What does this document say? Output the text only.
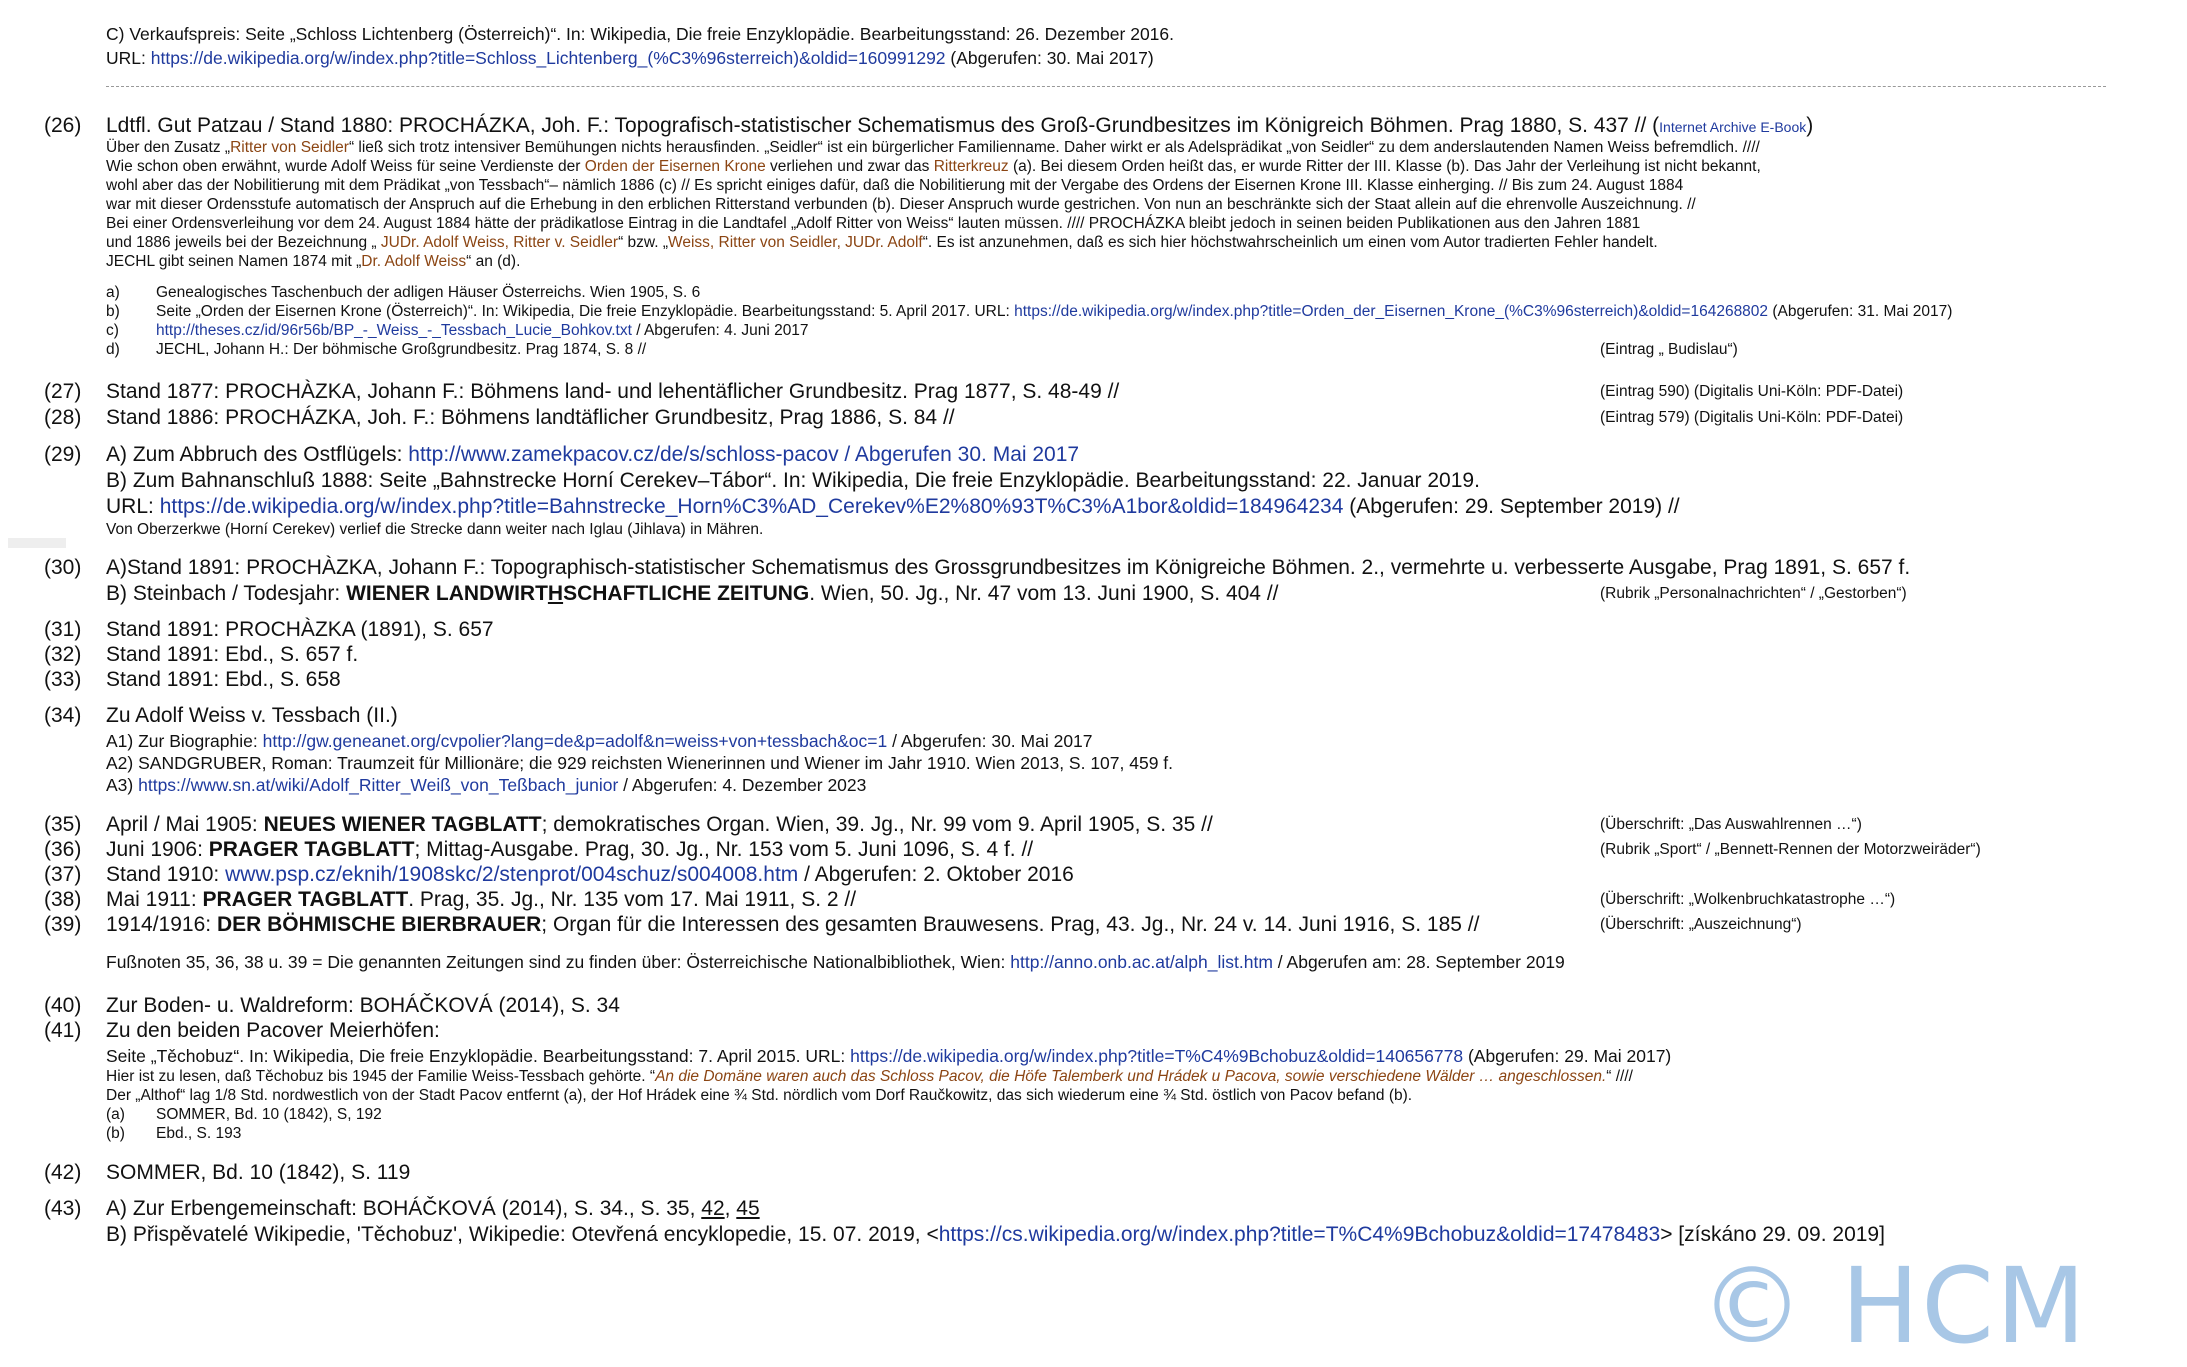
C) Verkaufspreis: Seite „Schloss Lichtenberg (Österreich)“. In: Wikipedia, Die freie Enzyklopädie. Bearbeitungsstand: 26. Dezember 2016.
URL: https://de.wikipedia.org/w/index.php?title=Schloss_Lichtenberg_(%C3%96sterreich)&oldid=160991292 (Abgerufen: 30. Mai 2017)
(26) Ldtfl. Gut Patzau / Stand 1880: PROCHÁZKA, Joh. F.: Topografisch-statistischer Schematismus des Groß-Grundbesitzes im Königreich Böhmen. Prag 1880, S. 437 // (Internet Archive E-Book)
Über den Zusatz „Ritter von Seidler“ ließ sich trotz intensiver Bemühungen nichts herausfinden. „Seidler“ ist ein bürgerlicher Familienname. Daher wirkt er als Adelsprädikat „von Seidler“ zu dem anderslautenden Namen Weiss befremdlich. ////
Wie schon oben erwähnt, wurde Adolf Weiss für seine Verdienste der Orden der Eisernen Krone verliehen und zwar das Ritterkreuz (a). Bei diesem Orden heißt das, er wurde Ritter der III. Klasse (b). Das Jahr der Verleihung ist nicht bekannt,
wohl aber das der Nobilitierung mit dem Prädikat „von Tessbach“– nämlich 1886 (c) // Es spricht einiges dafür, daß die Nobilitierung mit der Vergabe des Ordens der Eisernen Krone III. Klasse einherging. // Bis zum 24. August 1884
war mit dieser Ordensstufe automatisch der Anspruch auf die Erhebung in den erblichen Ritterstand verbunden (b). Dieser Anspruch wurde gestrichen. Von nun an beschränkte sich der Staat allein auf die ehrenvolle Auszeichnung. //
Bei einer Ordensverleihung vor dem 24. August 1884 hätte der prädikatlose Eintrag in die Landtafel „Adolf Ritter von Weiss“ lauten müssen. //// PROCHÁZKA bleibt jedoch in seinen beiden Publikationen aus den Jahren 1881
und 1886 jeweils bei der Bezeichnung „ JUDr. Adolf Weiss, Ritter v. Seidler“ bzw. „Weiss, Ritter von Seidler, JUDr. Adolf“. Es ist anzunehmen, daß es sich hier höchstwahrscheinlich um einen vom Autor tradierten Fehler handelt.
JECHL gibt seinen Namen 1874 mit „Dr. Adolf Weiss“ an (d).
a) Genealogisches Taschenbuch der adligen Häuser Österreichs. Wien 1905, S. 6
b) Seite „Orden der Eisernen Krone (Österreich)“. In: Wikipedia, Die freie Enzyklopädie. Bearbeitungsstand: 5. April 2017. URL: https://de.wikipedia.org/w/index.php?title=Orden_der_Eisernen_Krone_(%C3%96sterreich)&oldid=164268802 (Abgerufen: 31. Mai 2017)
c) http://theses.cz/id/96r56b/BP_-_Weiss_-_Tessbach_Lucie_Bohkov.txt / Abgerufen: 4. Juni 2017
d) JECHL, Johann H.: Der böhmische Großgrundbesitz. Prag 1874, S. 8 //	(Eintrag „ Budislau“)
(27) Stand 1877: PROCHÀZKA, Johann F.: Böhmens land- und lehentäflicher Grundbesitz. Prag 1877, S. 48-49 //	(Eintrag 590) (Digitalis Uni-Köln: PDF-Datei)
(28) Stand 1886: PROCHÁZKA, Joh. F.: Böhmens landtäflicher Grundbesitz, Prag 1886, S. 84 //	(Eintrag 579) (Digitalis Uni-Köln: PDF-Datei)
(29) A) Zum Abbruch des Ostflügels: http://www.zamekpacov.cz/de/s/schloss-pacov / Abgerufen 30. Mai 2017
B) Zum Bahnanschluß 1888: Seite „Bahnstrecke Horní Cerekev–Tábor“. In: Wikipedia, Die freie Enzyklopädie. Bearbeitungsstand: 22. Januar 2019.
URL: https://de.wikipedia.org/w/index.php?title=Bahnstrecke_Horn%C3%AD_Cerekev%E2%80%93T%C3%A1bor&oldid=184964234 (Abgerufen: 29. September 2019) //
Von Oberzerkwe (Horní Cerekev) verlief die Strecke dann weiter nach Iglau (Jihlava) in Mähren.
(30) A)Stand 1891: PROCHÀZKA, Johann F.: Topographisch-statistischer Schematismus des Grossgrundbesitzes im Königreiche Böhmen. 2., vermehrte u. verbesserte Ausgabe, Prag 1891, S. 657 f.
B) Steinbach / Todesjahr: WIENER LANDWIRTHSCHAFTLICHE ZEITUNG. Wien, 50. Jg., Nr. 47 vom 13. Juni 1900, S. 404 //	(Rubrik „Personalnachrichten“ / „Gestorben“)
(31) Stand 1891: PROCHÀZKA (1891), S. 657
(32) Stand 1891: Ebd., S. 657 f.
(33) Stand 1891: Ebd., S. 658
(34) Zu Adolf Weiss v. Tessbach (II.)
A1) Zur Biographie: http://gw.geneanet.org/cvpolier?lang=de&p=adolf&n=weiss+von+tessbach&oc=1 / Abgerufen: 30. Mai 2017
A2) SANDGRUBER, Roman: Traumzeit für Millionäre; die 929 reichsten Wienerinnen und Wiener im Jahr 1910. Wien 2013, S. 107, 459 f.
A3) https://www.sn.at/wiki/Adolf_Ritter_Weiß_von_Teßbach_junior / Abgerufen: 4. Dezember 2023
(35) April / Mai 1905: NEUES WIENER TAGBLATT; demokratisches Organ. Wien, 39. Jg., Nr. 99 vom 9. April 1905, S. 35 //	(Überschrift: „Das Auswahlrennen …“)
(36) Juni 1906: PRAGER TAGBLATT; Mittag-Ausgabe. Prag, 30. Jg., Nr. 153 vom 5. Juni 1096, S. 4 f. //	(Rubrik „Sport“ / „Bennett-Rennen der Motorzweiräder“)
(37) Stand 1910: www.psp.cz/eknih/1908skc/2/stenprot/004schuz/s004008.htm / Abgerufen: 2. Oktober 2016
(38) Mai 1911: PRAGER TAGBLATT. Prag, 35. Jg., Nr. 135 vom 17. Mai 1911, S. 2 //	(Überschrift: „Wolkenbruchkatastrophe …“)
(39) 1914/1916: DER BÖHMISCHE BIERBRAUER; Organ für die Interessen des gesamten Brauwesens. Prag, 43. Jg., Nr. 24 v. 14. Juni 1916, S. 185 //	(Überschrift: „Auszeichnung“)
Fußnoten 35, 36, 38 u. 39 = Die genannten Zeitungen sind zu finden über: Österreichische Nationalbibliothek, Wien: http://anno.onb.ac.at/alph_list.htm / Abgerufen am: 28. September 2019
(40) Zur Boden- u. Waldreform: BOHÁČKOVÁ (2014), S. 34
(41) Zu den beiden Pacover Meierhöfen:
Seite „Těchobuz“. In: Wikipedia, Die freie Enzyklopädie. Bearbeitungsstand: 7. April 2015. URL: https://de.wikipedia.org/w/index.php?title=T%C4%9Bchobuz&oldid=140656778 (Abgerufen: 29. Mai 2017)
Hier ist zu lesen, daß Těchobuz bis 1945 der Familie Weiss-Tessbach gehörte. “An die Domäne waren auch das Schloss Pacov, die Höfe Talemberk und Hrádek u Pacova, sowie verschiedene Wälder … angeschlossen.“ ////
Der „Althof“ lag 1/8 Std. nordwestlich von der Stadt Pacov entfernt (a), der Hof Hrádek eine ¾ Std. nördlich vom Dorf Raučkowitz, das sich wiederum eine ¾ Std. östlich von Pacov befand (b).
(a) SOMMER, Bd. 10 (1842), S, 192
(b) Ebd., S. 193
(42) SOMMER, Bd. 10 (1842), S. 119
(43) A) Zur Erbengemeinschaft: BOHÁČKOVÁ (2014), S. 34., S. 35, 42, 45
B) Přispěvatelé Wikipedie, 'Těchobuz', Wikipedie: Otevřená encyklopedie, 15. 07. 2019, <https://cs.wikipedia.org/w/index.php?title=T%C4%9Bchobuz&oldid=17478483> [získáno 29. 09. 2019]
© HCM
